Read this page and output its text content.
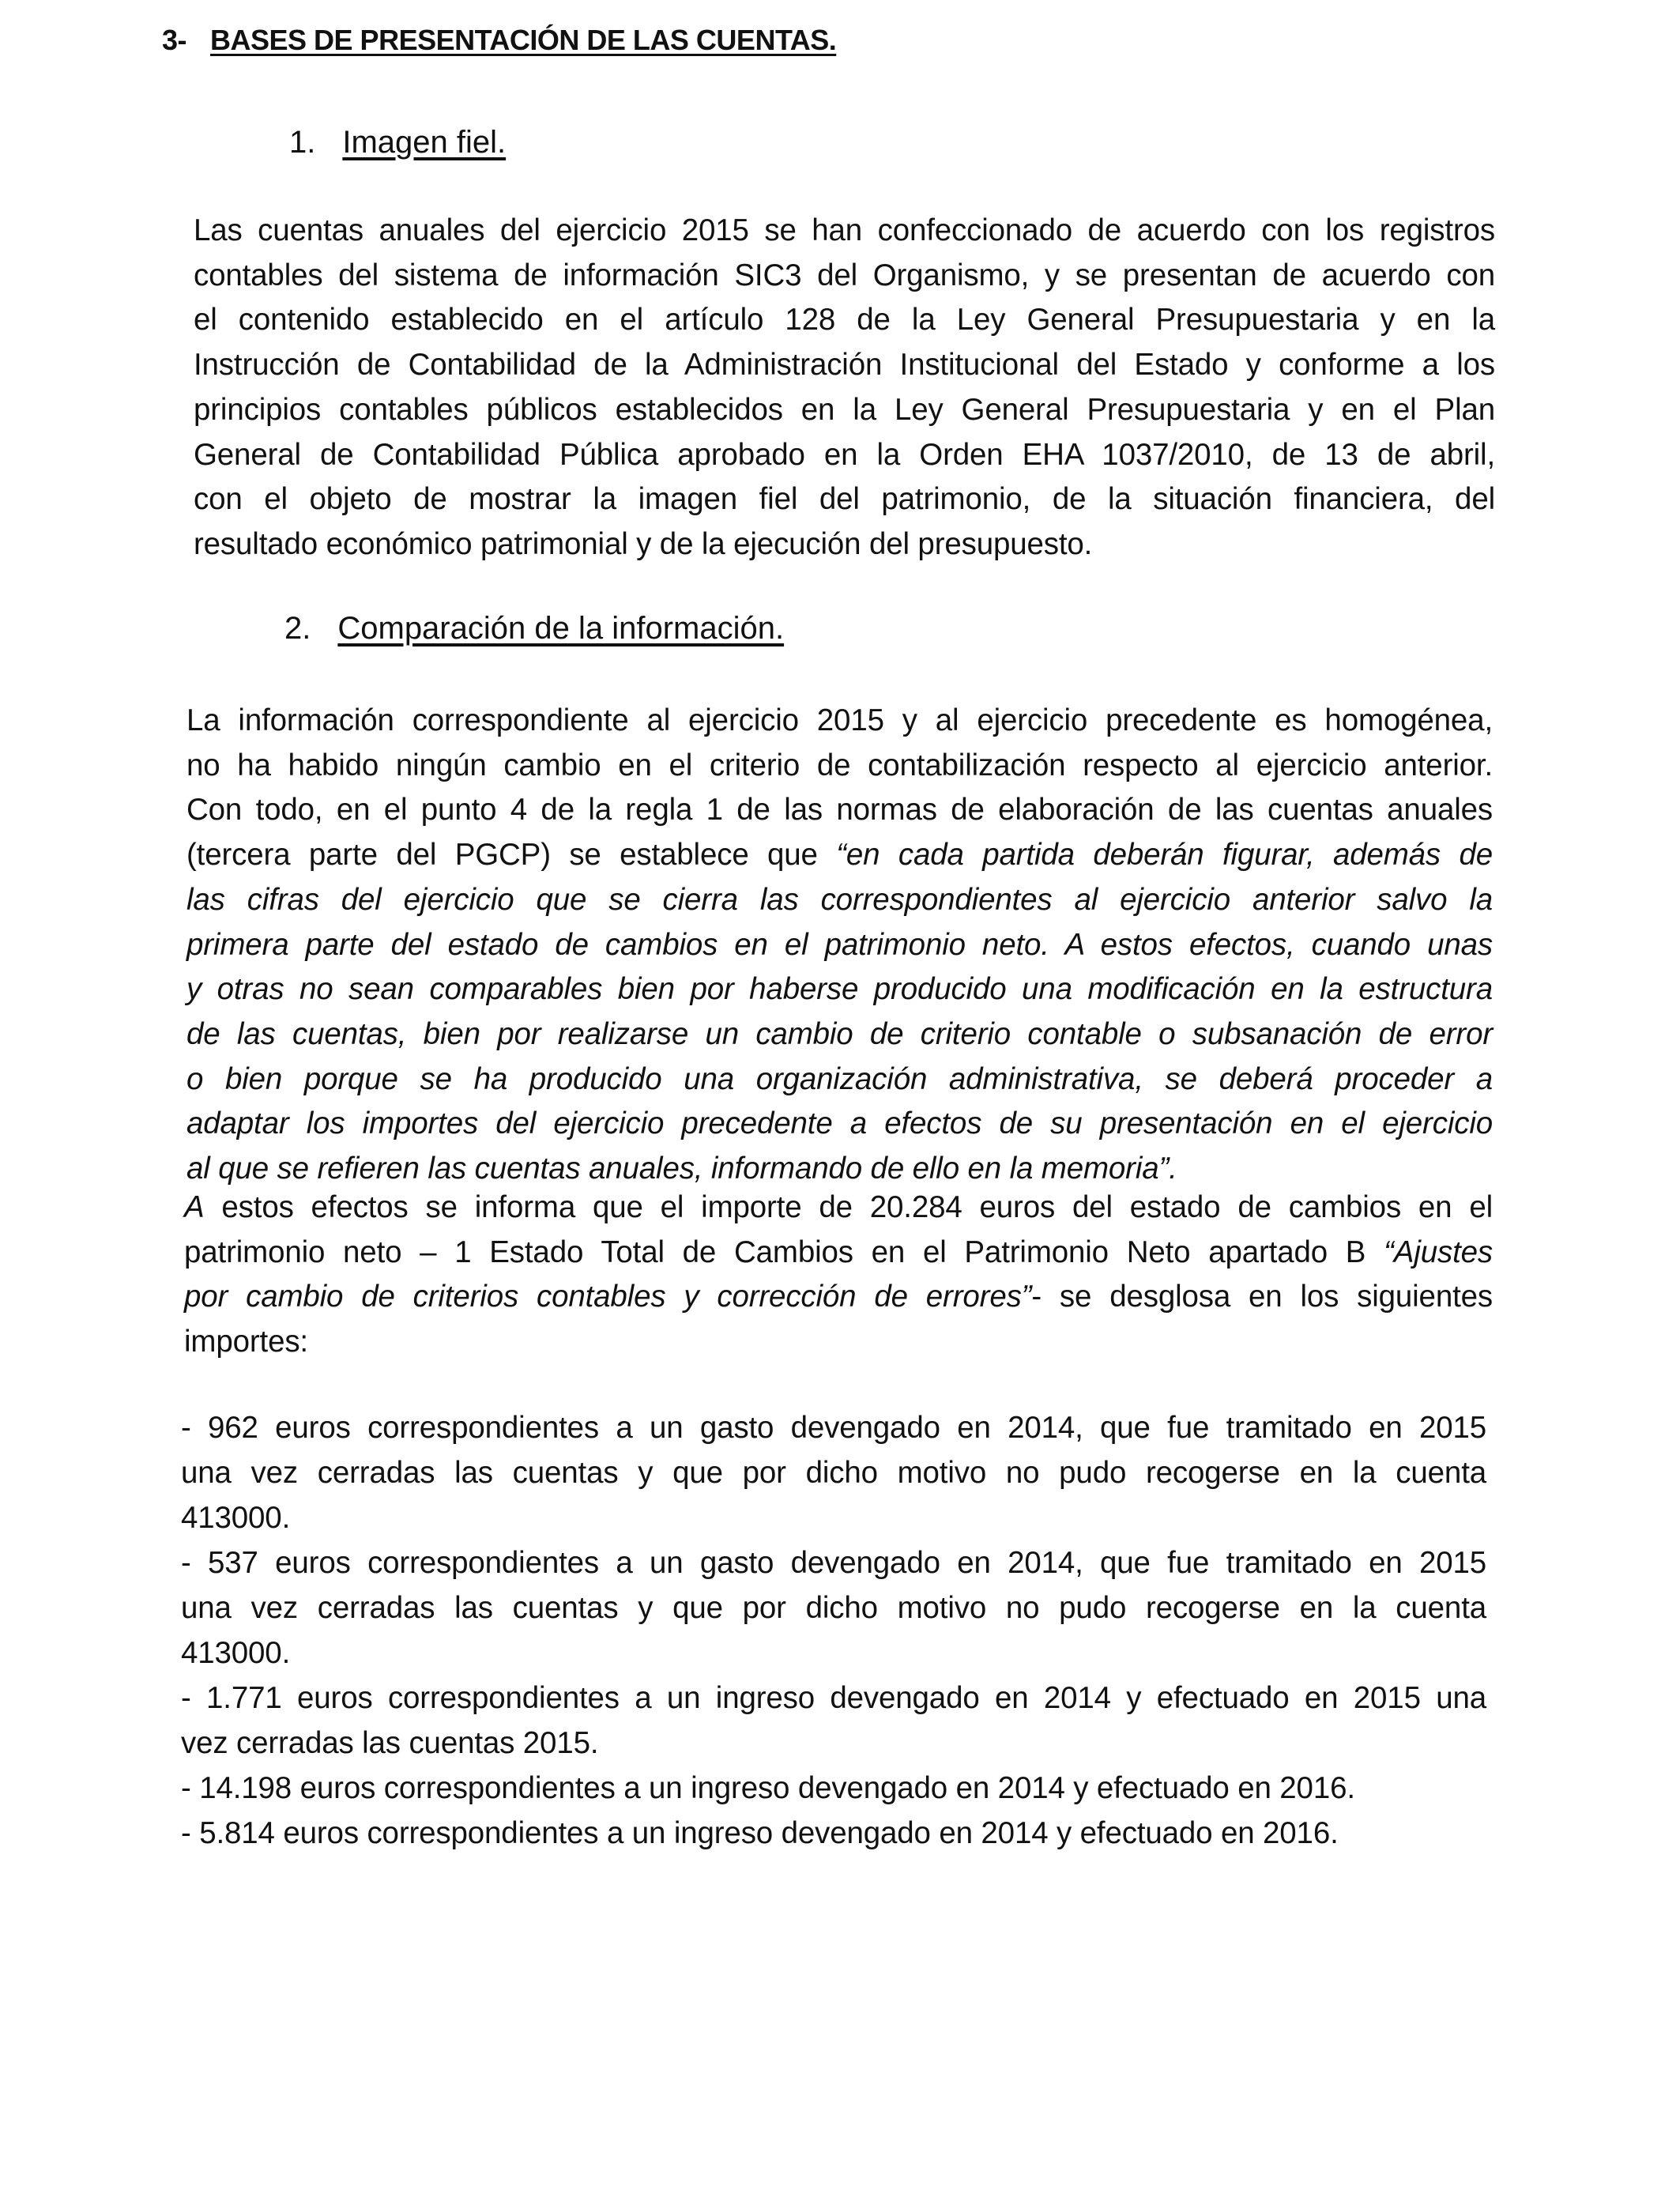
3- BASES DE PRESENTACIÓN DE LAS CUENTAS.
1. Imagen fiel.

Las cuentas anuales del ejercicio 2015 se han confeccionado de acuerdo con los registros
contables del sistema de información SIC3 del Organismo, y se presentan de acuerdo con
el contenido establecido en el artículo 128 de la Ley General Presupuestaria y en la
Instrucción de Contabilidad de la Administración Institucional del Estado y conforme a los
principios contables públicos establecidos en la Ley General Presupuestaria y en el Plan
General de Contabilidad Pública aprobado en la Orden EHA 1037/2010, de 13 de abril,
con el objeto de mostrar la imagen fiel del patrimonio, de la situación financiera, del
resultado económico patrimonial y de la ejecución del presupuesto.

2. Comparación de la información.

La información correspondiente al ejercicio 2015 y al ejercicio precedente es homogénea,
no ha habido ningún cambio en el criterio de contabilización respecto al ejercicio anterior.
Con todo, en el punto 4 de la regla 1 de las normas de elaboración de las cuentas anuales
(tercera parte del PGCP) se establece que “en cada partida deberán figurar, además de
las cifras del ejercicio que se cierra las correspondientes al ejercicio anterior salvo la
primera parte del estado de cambios en el patrimonio neto. A estos efectos, cuando unas
y otras no sean comparables bien por haberse producido una modificación en la estructura
de las cuentas, bien por realizarse un cambio de criterio contable o subsanación de error
o bien porque se ha producido una organización administrativa, se deberá proceder a
adaptar los importes del ejercicio precedente a efectos de su presentación en el ejercicio
al que se refieren las cuentas anuales, informando de ello en la memoria”.

A estos efectos se informa que el importe de 20.284 euros del estado de cambios en el
patrimonio neto – 1 Estado Total de Cambios en el Patrimonio Neto apartado B “Ajustes
por cambio de criterios contables y corrección de errores”- se desglosa en los siguientes
importes:

- 962 euros correspondientes a un gasto devengado en 2014, que fue tramitado en 2015
una vez cerradas las cuentas y que por dicho motivo no pudo recogerse en la cuenta
413000.
- 537 euros correspondientes a un gasto devengado en 2014, que fue tramitado en 2015
una vez cerradas las cuentas y que por dicho motivo no pudo recogerse en la cuenta
413000.
- 1.771 euros correspondientes a un ingreso devengado en 2014 y efectuado en 2015 una
vez cerradas las cuentas 2015.
- 14.198 euros correspondientes a un ingreso devengado en 2014 y efectuado en 2016.
- 5.814 euros correspondientes a un ingreso devengado en 2014 y efectuado en 2016.
